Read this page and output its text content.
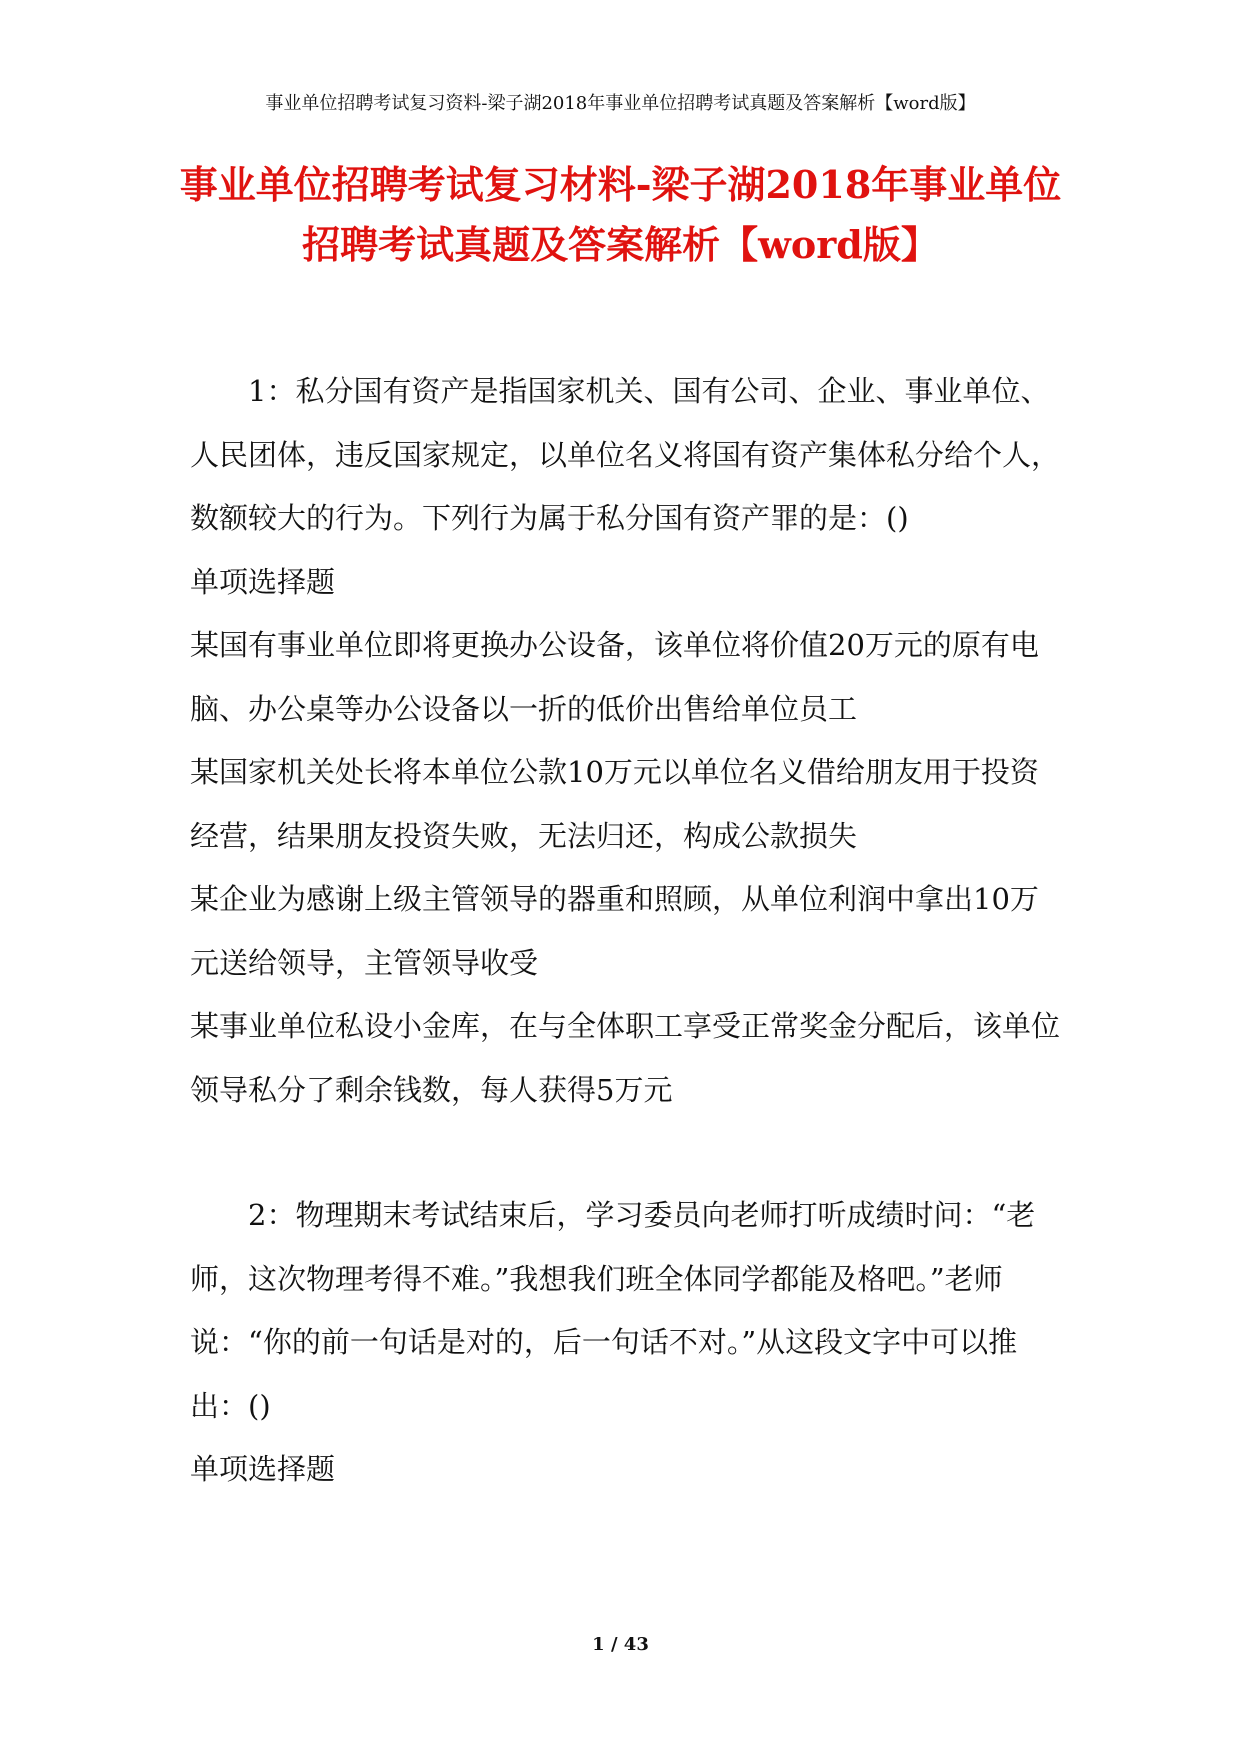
事业单位招聘考试复习资料-梁子湖2018年事业单位招聘考试真题及答案解析【word版】
事业单位招聘考试复习材料-梁子湖2018年事业单位
招聘考试真题及答案解析【word版】

1：私分国有资产是指国家机关、国有公司、企业、事业单位、人民团体，违反国家规定，以单位名义将国有资产集体私分给个人，数额较大的行为。下列行为属于私分国有资产罪的是：()

单项选择题

某国有事业单位即将更换办公设备，该单位将价值20万元的原有电脑、办公桌等办公设备以一折的低价出售给单位员工
某国家机关处长将本单位公款10万元以单位名义借给朋友用于投资经营，结果朋友投资失败，无法归还，构成公款损失
某企业为感谢上级主管领导的器重和照顾，从单位利润中拿出10万元送给领导，主管领导收受
某事业单位私设小金库，在与全体职工享受正常奖金分配后，该单位领导私分了剩余钱数，每人获得5万元

2：物理期末考试结束后，学习委员向老师打听成绩时问：“老师，这次物理考得不难。”我想我们班全体同学都能及格吧。”老师说：“你的前一句话是对的，后一句话不对。”从这段文字中可以推出：()

单项选择题

1 / 43
